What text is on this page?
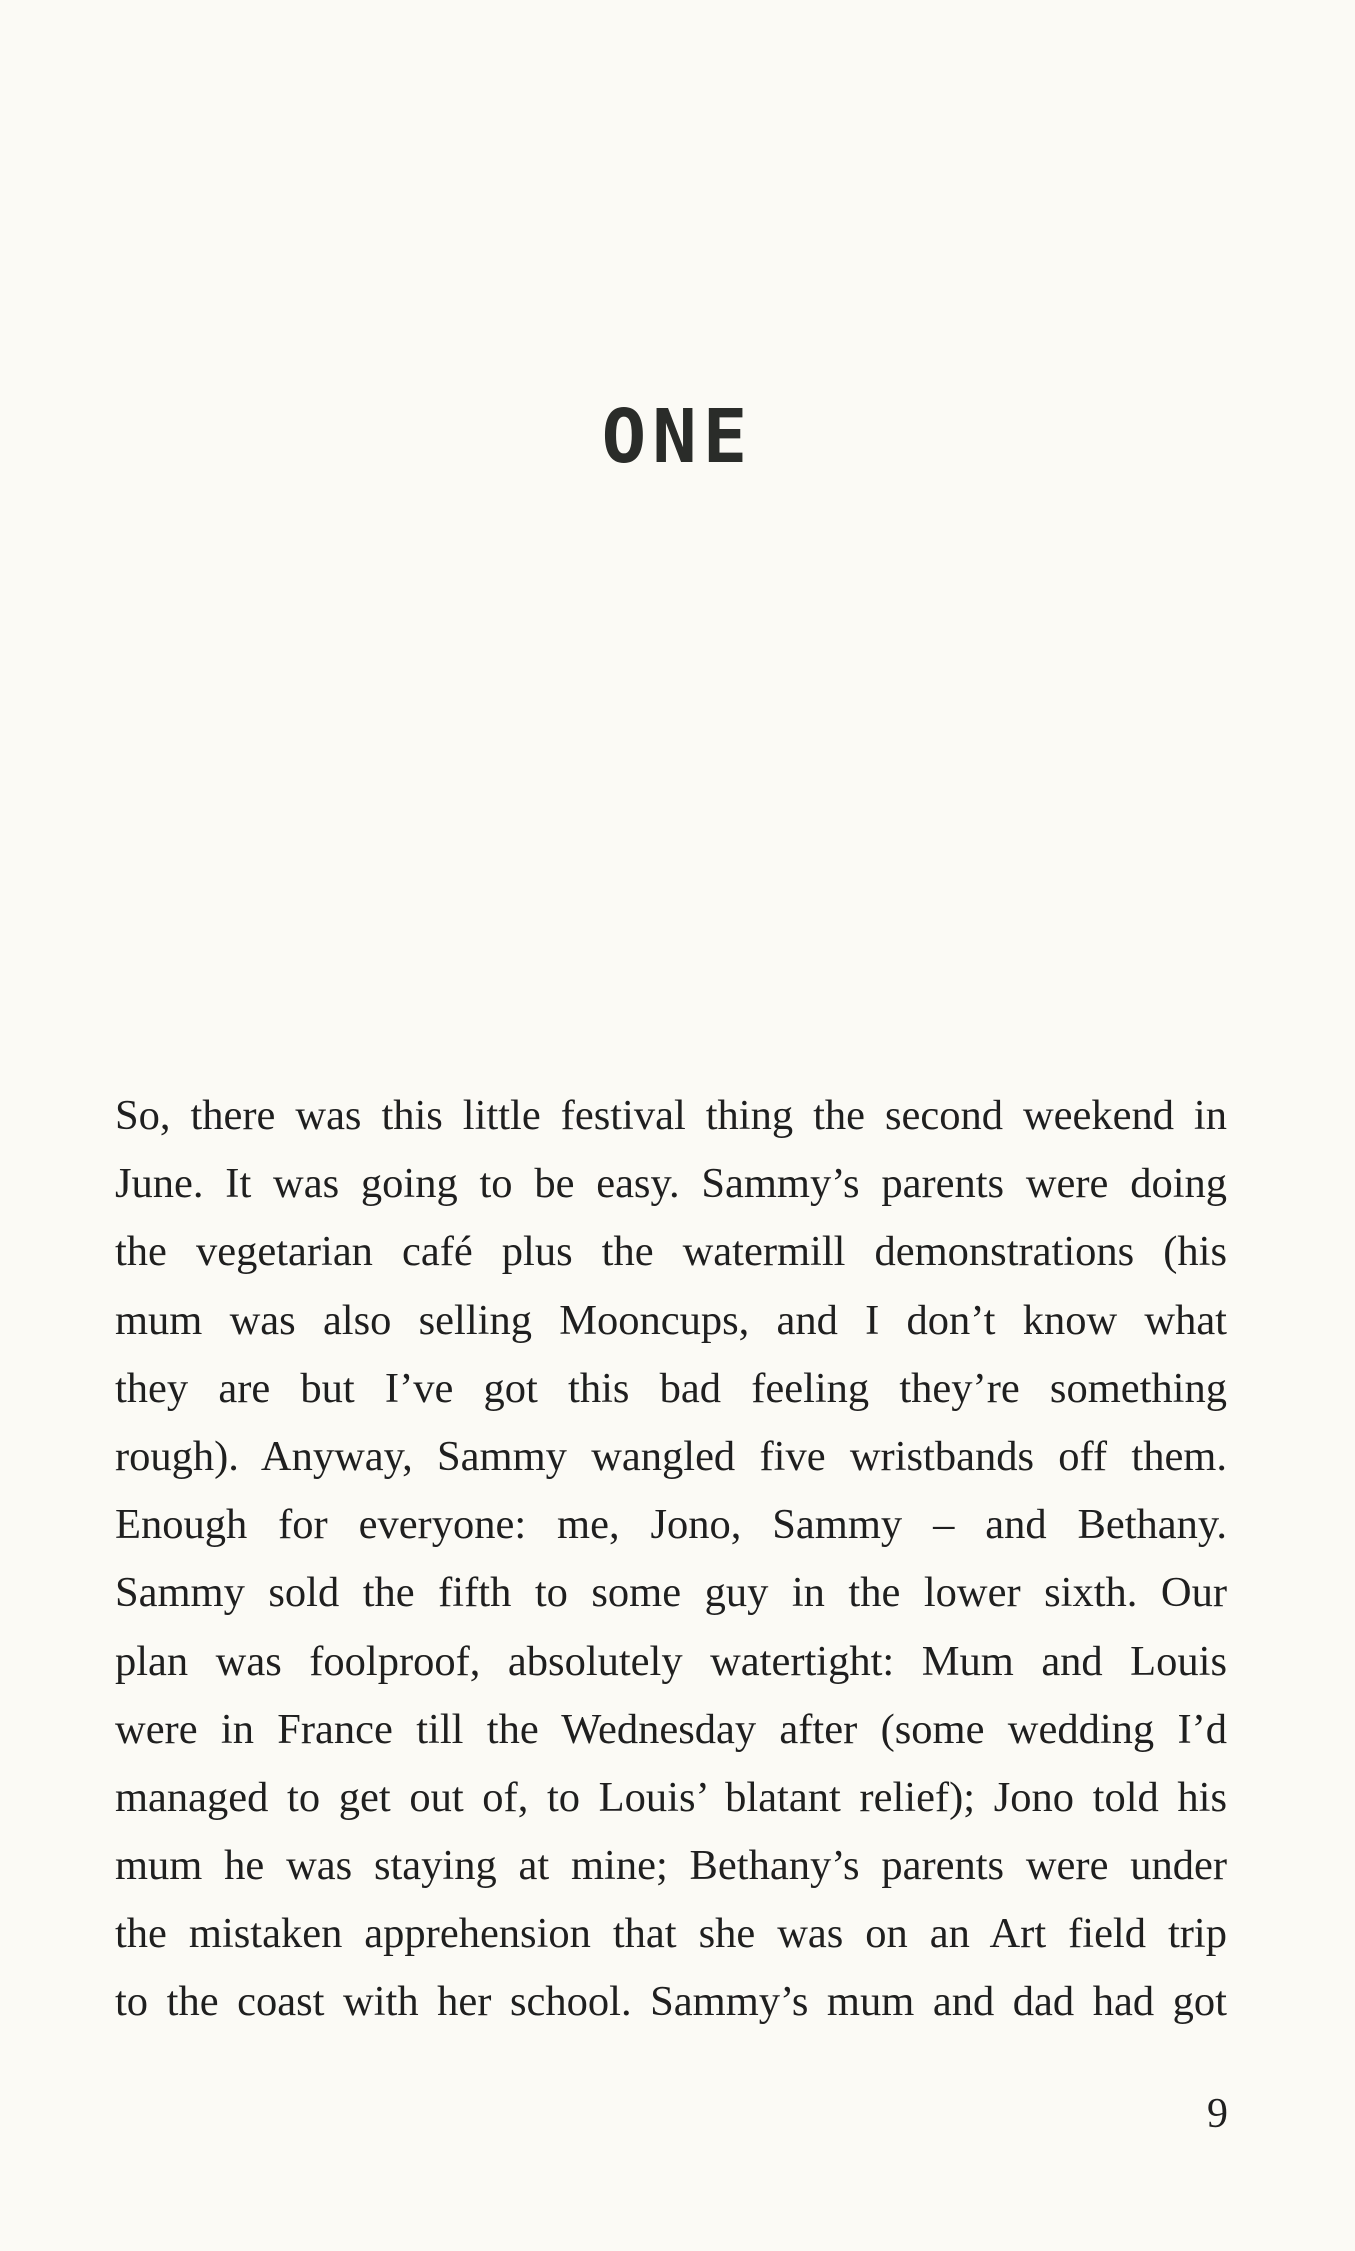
ONE
So, there was this little festival thing the second weekend in
June. It was going to be easy. Sammy’s parents were doing
the vegetarian café plus the watermill demonstrations (his
mum was also selling Mooncups, and I don’t know what
they are but I’ve got this bad feeling they’re something
rough). Anyway, Sammy wangled five wristbands off them.
Enough for everyone: me, Jono, Sammy – and Bethany.
Sammy sold the fifth to some guy in the lower sixth. Our
plan was foolproof, absolutely watertight: Mum and Louis
were in France till the Wednesday after (some wedding I’d
managed to get out of, to Louis’ blatant relief); Jono told his
mum he was staying at mine; Bethany’s parents were under
the mistaken apprehension that she was on an Art field trip
to the coast with her school. Sammy’s mum and dad had got
9
